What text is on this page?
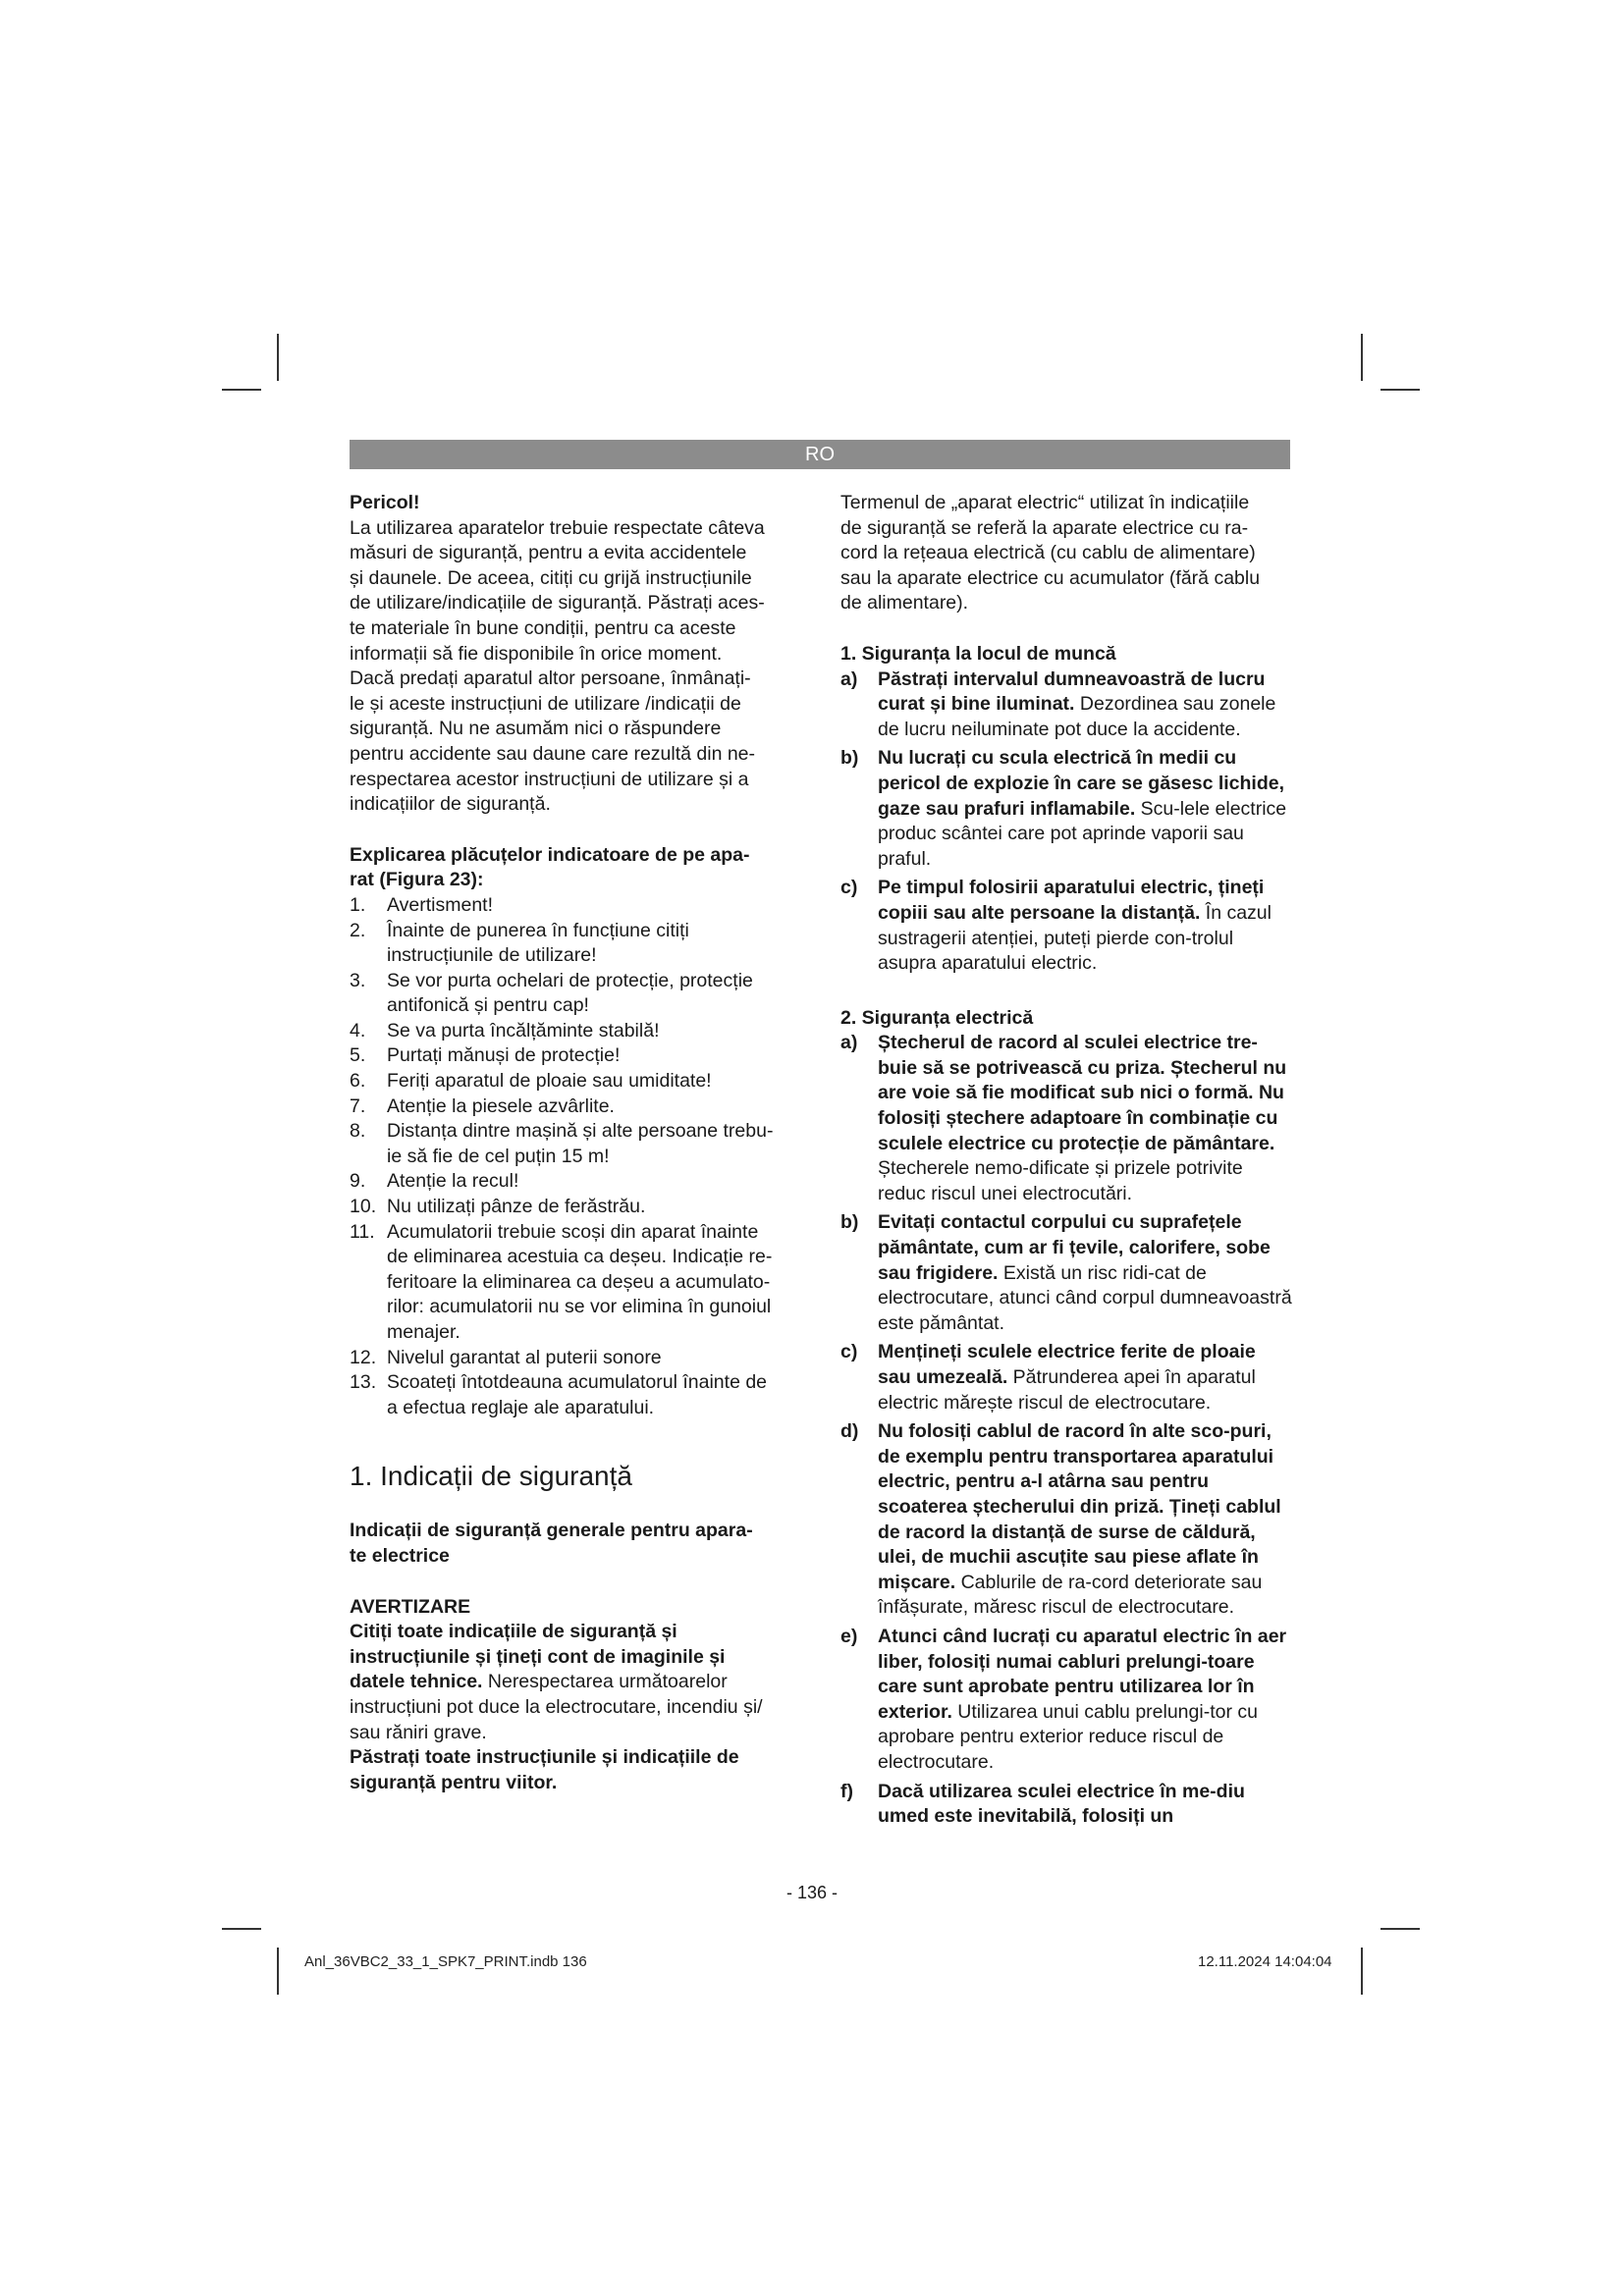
RO

Pericol!

La utilizarea aparatelor trebuie respectate câteva

măsuri de siguranță, pentru a evita accidentele

și daunele. De aceea, citiți cu grijă instrucțiunile

de utilizare/indicațiile de siguranță. Păstrați aces-

te materiale în bune condiții, pentru ca aceste

informații să fie disponibile în orice moment.

Dacă predați aparatul altor persoane, înmânați-

le și aceste instrucțiuni de utilizare /indicații de

siguranță. Nu ne asumăm nici o răspundere

pentru accidente sau daune care rezultă din ne-

respectarea acestor instrucțiuni de utilizare și a

indicațiilor de siguranță.

Explicarea plăcuțelor indicatoare de pe apa-

rat (Figura 23):

1. Avertisment!
2. Înainte de punerea în funcțiune citiți
instrucțiunile de utilizare!
3. Se vor purta ochelari de protecție, protecție
antifonică și pentru cap!
4. Se va purta încălțăminte stabilă!
5. Purtați mănuși de protecție!
6. Feriți aparatul de ploaie sau umiditate!
7. Atenție la piesele azvârlite.
8. Distanța dintre mașină și alte persoane trebu-
ie să fie de cel puțin 15 m!
9. Atenție la recul!
10. Nu utilizați pânze de ferăstrău.
11. Acumulatorii trebuie scoși din aparat înainte
de eliminarea acestuia ca deșeu. Indicație re-
feritoare la eliminarea ca deșeu a acumulato-
rilor: acumulatorii nu se vor elimina în gunoiul
menajer.
12. Nivelul garantat al puterii sonore
13. Scoateți întotdeauna acumulatorul înainte de
a efectua reglaje ale aparatului.
1. Indicații de siguranță

Indicații de siguranță generale pentru apara-

te electrice

AVERTIZARE

Citiți toate indicațiile de siguranță și

instrucțiunile și țineți cont de imaginile și

datele tehnice. Nerespectarea următoarelor

instrucțiuni pot duce la electrocutare, incendiu și/

sau răniri grave.

Păstrați toate instrucțiunile și indicațiile de

siguranță pentru viitor.

Termenul de „aparat electric“ utilizat în indicațiile

de siguranță se referă la aparate electrice cu ra-

cord la rețeaua electrică (cu cablu de alimentare)

sau la aparate electrice cu acumulator (fără cablu

de alimentare).

1. Siguranța la locul de muncă

a) Păstrați intervalul dumneavoastră de lucru curat și bine iluminat. Dezordinea sau zonele de lucru neiluminate pot duce la accidente.
b) Nu lucrați cu scula electrică în medii cu pericol de explozie în care se găsesc lichide, gaze sau prafuri inflamabile. Scu-lele electrice produc scântei care pot aprinde vaporii sau praful.
c) Pe timpul folosirii aparatului electric, țineți copiii sau alte persoane la distanță. În cazul sustragerii atenției, puteți pierde con-trolul asupra aparatului electric.

2. Siguranța electrică

a) Ștecherul de racord al sculei electrice tre-buie să se potrivească cu priza. Ștecherul nu are voie să fie modificat sub nici o formă. Nu folosiți ștechere adaptoare în combinație cu sculele electrice cu protecție de pământare. Ștecherele nemo-dificate și prizele potrivite reduc riscul unei electrocutări.
b) Evitați contactul corpului cu suprafețele pământate, cum ar fi țevile, calorifere, sobe sau frigidere. Există un risc ridi-cat de electrocutare, atunci când corpul dumneavoastră este pământat.
c) Mențineți sculele electrice ferite de ploaie sau umezeală. Pătrunderea apei în aparatul electric mărește riscul de electrocutare.
d) Nu folosiți cablul de racord în alte sco-puri, de exemplu pentru transportarea aparatului electric, pentru a-l atârna sau pentru scoaterea ștecherului din priză. Țineți cablul de racord la distanță de surse de căldură, ulei, de muchii ascuțite sau piese aflate în mișcare. Cablurile de ra-cord deteriorate sau înfășurate, măresc riscul de electrocutare.
e) Atunci când lucrați cu aparatul electric în aer liber, folosiți numai cabluri prelungi-toare care sunt aprobate pentru utilizarea lor în exterior. Utilizarea unui cablu prelungi-tor cu aprobare pentru exterior reduce riscul de electrocutare.
f) Dacă utilizarea sculei electrice în me-diu umed este inevitabilă, folosiți un
- 136 -
Anl_36VBC2_33_1_SPK7_PRINT.indb 136	12.11.2024 14:04:04
